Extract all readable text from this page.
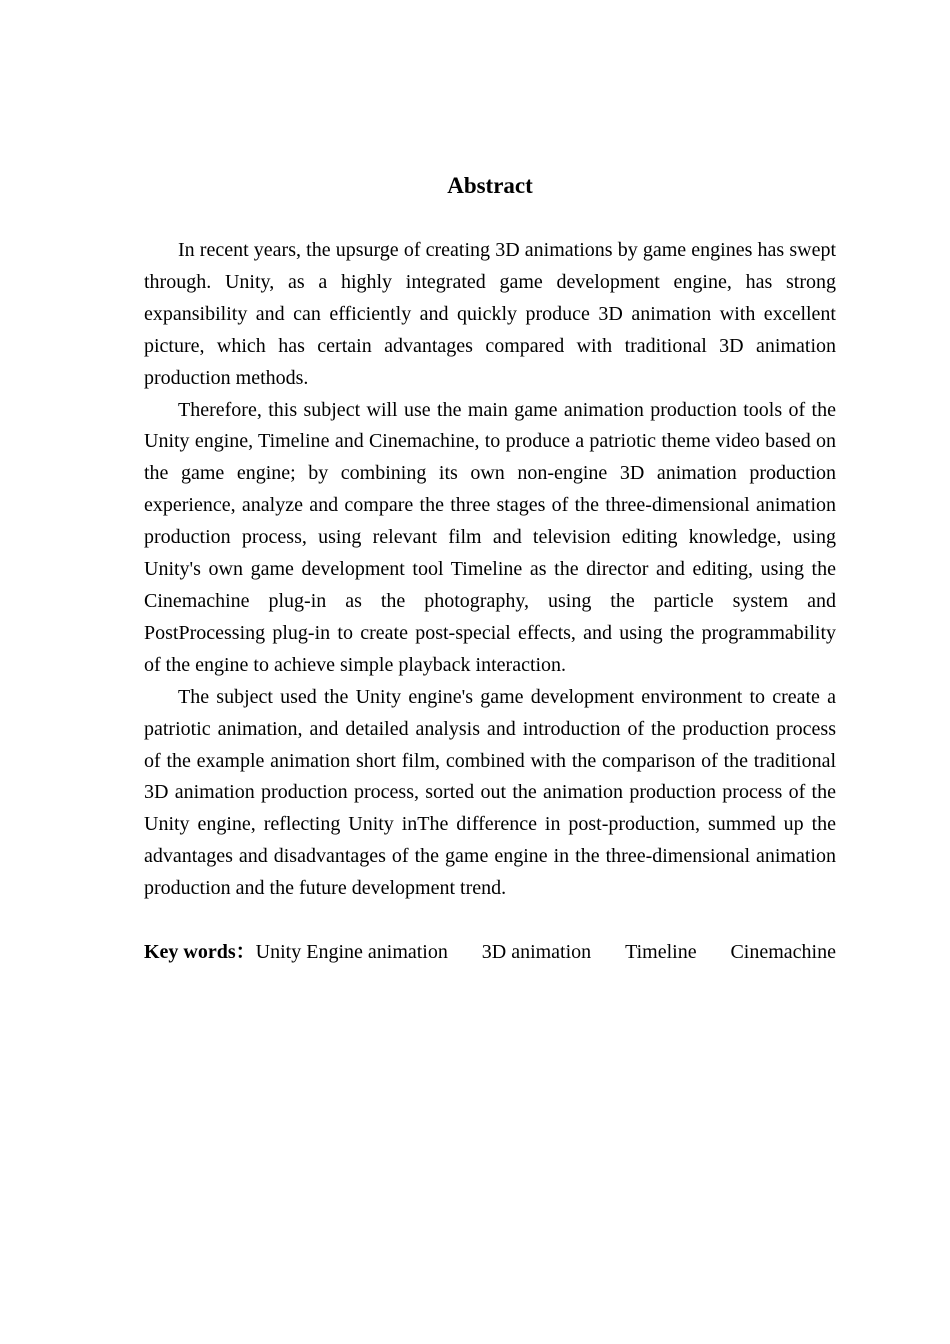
Abstract

In recent years, the upsurge of creating 3D animations by game engines has swept through. Unity, as a highly integrated game development engine, has strong expansibility and can efficiently and quickly produce 3D animation with excellent picture, which has certain advantages compared with traditional 3D animation production methods.

Therefore, this subject will use the main game animation production tools of the Unity engine, Timeline and Cinemachine, to produce a patriotic theme video based on the game engine; by combining its own non-engine 3D animation production experience, analyze and compare the three stages of the three-dimensional animation production process, using relevant film and television editing knowledge, using Unity's own game development tool Timeline as the director and editing, using the Cinemachine plug-in as the photography, using the particle system and PostProcessing plug-in to create post-special effects, and using the programmability of the engine to achieve simple playback interaction.

The subject used the Unity engine's game development environment to create a patriotic animation, and detailed analysis and introduction of the production process of the example animation short film, combined with the comparison of the traditional 3D animation production process, sorted out the animation production process of the Unity engine, reflecting Unity inThe difference in post-production, summed up the advantages and disadvantages of the game engine in the three-dimensional animation production and the future development trend.

Key words：Unity Engine animation 3D animation Timeline Cinemachine
